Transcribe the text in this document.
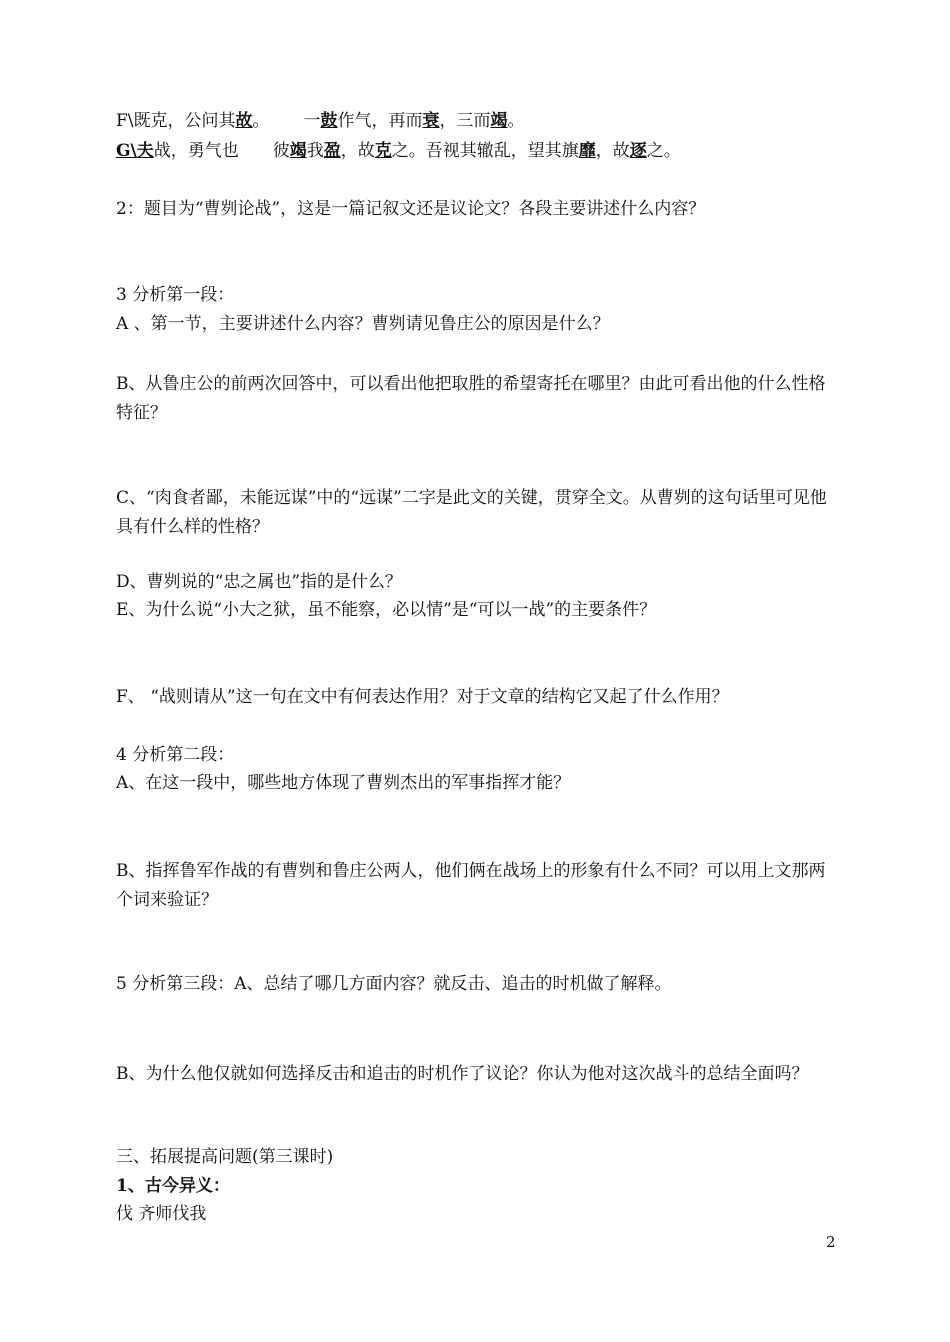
F\既克，公问其故。 一鼓作气，再而衰，三而竭。
G\夫战，勇气也 彼竭我盈，故克之。吾视其辙乱，望其旗靡，故逐之。
2：题目为“曹刿论战”，这是一篇记叙文还是议论文？各段主要讲述什么内容？
3 分析第一段：
A 、第一节，主要讲述什么内容？曹刿请见鲁庄公的原因是什么？
B、从鲁庄公的前两次回答中，可以看出他把取胜的希望寄托在哪里？由此可看出他的什么性格特征？
C、“肉食者鄙，未能远谋”中的“远谋”二字是此文的关键，贯穿全文。从曹刿的这句话里可见他具有什么样的性格？
D、曹刿说的“忠之属也”指的是什么？
E、为什么说“小大之狱，虽不能察，必以情”是“可以一战”的主要条件？
F、 “战则请从”这一句在文中有何表达作用？对于文章的结构它又起了什么作用？
4 分析第二段：
A、在这一段中，哪些地方体现了曹刿杰出的军事指挥才能？
B、指挥鲁军作战的有曹刿和鲁庄公两人，他们俩在战场上的形象有什么不同？可以用上文那两个词来验证？
5 分析第三段：A、总结了哪几方面内容？就反击、追击的时机做了解释。
B、为什么他仅就如何选择反击和追击的时机作了议论？你认为他对这次战斗的总结全面吗？
三、拓展提高问题(第三课时)
1、古今异义：
伐 齐师伐我
2
